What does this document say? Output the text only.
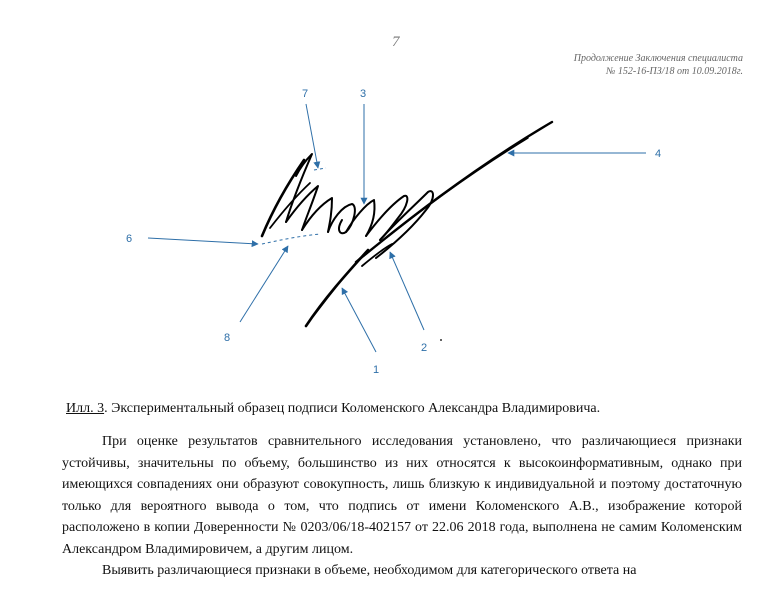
7
Продолжение Заключения специалиста
№ 152-16-ПЗ/18 от 10.09.2018г.
1
2
3
4
6
7
8
Илл. 3. Экспериментальный образец подписи Коломенского Александра Владимировича.

При оценке результатов сравнительного исследования установлено, что различающиеся признаки устойчивы, значительны по объему, большинство из них относятся к высокоинформативным, однако при имеющихся совпадениях они образуют совокупность, лишь близкую к индивидуальной и поэтому достаточную только для вероятного вывода о том, что подпись от имени Коломенского А.В., изображение которой расположено в копии Доверенности № 0203/06/18-402157 от 22.06 2018 года, выполнена не самим Коломенским Александром Владимировичем, а другим лицом.

Выявить различающиеся признаки в объеме, необходимом для категорического ответа на
